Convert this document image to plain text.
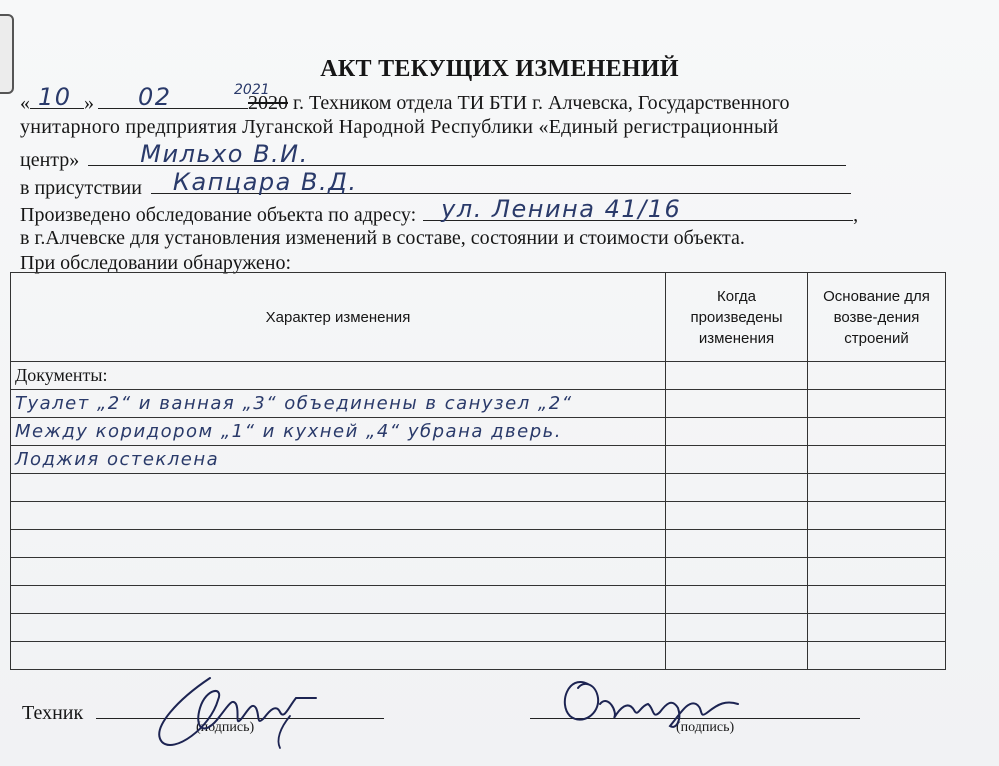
АКТ ТЕКУЩИХ ИЗМЕНЕНИЙ
« 10 » 02	2020
2021
г. Техником отдела ТИ БТИ г. Алчевска, Государственного
унитарного предприятия Луганской Народной Республики «Единый регистрационный
центр»	Мильхо В.И.
в присутствии Капцара В.Д.
Произведено обследование объекта по адресу: ул. Ленина 41/16	,
в г.Алчевске для установления изменений в составе, состоянии и стоимости объекта.
При обследовании обнаружено:
Характер изменения	Когда произведены изменения	Основание для возве-дения строений
Документы:		
Туалет „2“ и ванная „3“ объединены в санузел „2“		
Между коридором „1“ и кухней „4“ убрана дверь.		
Лоджия остеклена		

Техник
(подпись)	(подпись)
